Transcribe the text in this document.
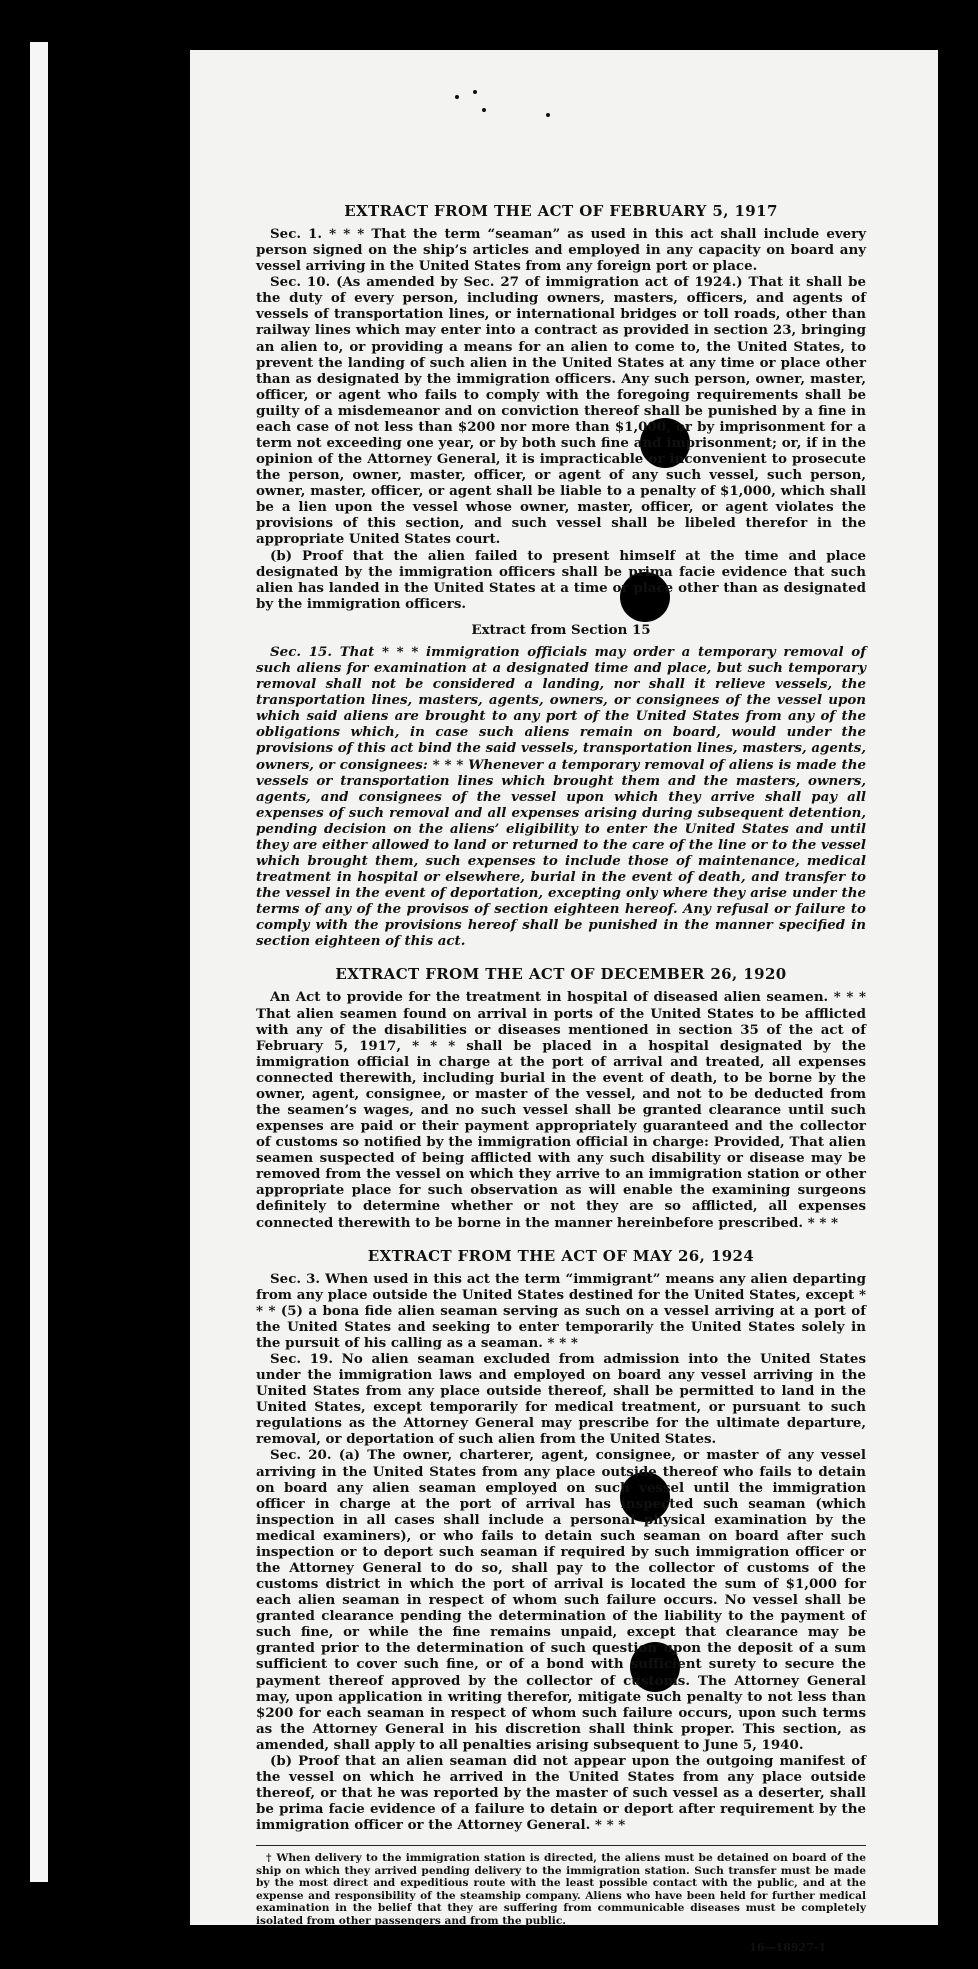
EXTRACT FROM THE ACT OF FEBRUARY 5, 1917

Sec. 1. * * * That the term “seaman” as used in this act shall include every person signed on the ship’s articles and employed in any capacity on board any vessel arriving in the United States from any foreign port or place.

Sec. 10. (As amended by Sec. 27 of immigration act of 1924.) That it shall be the duty of every person, including owners, masters, officers, and agents of vessels of transportation lines, or international bridges or toll roads, other than railway lines which may enter into a contract as provided in section 23, bringing an alien to, or providing a means for an alien to come to, the United States, to prevent the landing of such alien in the United States at any time or place other than as designated by the immigration officers. Any such person, owner, master, officer, or agent who fails to comply with the foregoing requirements shall be guilty of a misdemeanor and on conviction thereof shall be punished by a fine in each case of not less than $200 nor more than $1,000, or by imprisonment for a term not exceeding one year, or by both such fine and imprisonment; or, if in the opinion of the Attorney General, it is impracticable or inconvenient to prosecute the person, owner, master, officer, or agent of any such vessel, such person, owner, master, officer, or agent shall be liable to a penalty of $1,000, which shall be a lien upon the vessel whose owner, master, officer, or agent violates the provisions of this section, and such vessel shall be libeled therefor in the appropriate United States court.

(b) Proof that the alien failed to present himself at the time and place designated by the immigration officers shall be prima facie evidence that such alien has landed in the United States at a time or place other than as designated by the immigration officers.

Extract from Section 15

Sec. 15. That * * * immigration officials may order a temporary removal of such aliens for examination at a designated time and place, but such temporary removal shall not be considered a landing, nor shall it relieve vessels, the transportation lines, masters, agents, owners, or consignees of the vessel upon which said aliens are brought to any port of the United States from any of the obligations which, in case such aliens remain on board, would under the provisions of this act bind the said vessels, transportation lines, masters, agents, owners, or consignees: * * * Whenever a temporary removal of aliens is made the vessels or transportation lines which brought them and the masters, owners, agents, and consignees of the vessel upon which they arrive shall pay all expenses of such removal and all expenses arising during subsequent detention, pending decision on the aliens’ eligibility to enter the United States and until they are either allowed to land or returned to the care of the line or to the vessel which brought them, such expenses to include those of maintenance, medical treatment in hospital or elsewhere, burial in the event of death, and transfer to the vessel in the event of deportation, excepting only where they arise under the terms of any of the provisos of section eighteen hereof. Any refusal or failure to comply with the provisions hereof shall be punished in the manner specified in section eighteen of this act.

EXTRACT FROM THE ACT OF DECEMBER 26, 1920

An Act to provide for the treatment in hospital of diseased alien seamen. * * * That alien seamen found on arrival in ports of the United States to be afflicted with any of the disabilities or diseases mentioned in section 35 of the act of February 5, 1917, * * * shall be placed in a hospital designated by the immigration official in charge at the port of arrival and treated, all expenses connected therewith, including burial in the event of death, to be borne by the owner, agent, consignee, or master of the vessel, and not to be deducted from the seamen’s wages, and no such vessel shall be granted clearance until such expenses are paid or their payment appropriately guaranteed and the collector of customs so notified by the immigration official in charge: Provided, That alien seamen suspected of being afflicted with any such disability or disease may be removed from the vessel on which they arrive to an immigration station or other appropriate place for such observation as will enable the examining surgeons definitely to determine whether or not they are so afflicted, all expenses connected therewith to be borne in the manner hereinbefore prescribed. * * *

EXTRACT FROM THE ACT OF MAY 26, 1924

Sec. 3. When used in this act the term “immigrant” means any alien departing from any place outside the United States destined for the United States, except * * * (5) a bona fide alien seaman serving as such on a vessel arriving at a port of the United States and seeking to enter temporarily the United States solely in the pursuit of his calling as a seaman. * * *

Sec. 19. No alien seaman excluded from admission into the United States under the immigration laws and employed on board any vessel arriving in the United States from any place outside thereof, shall be permitted to land in the United States, except temporarily for medical treatment, or pursuant to such regulations as the Attorney General may prescribe for the ultimate departure, removal, or deportation of such alien from the United States.

Sec. 20. (a) The owner, charterer, agent, consignee, or master of any vessel arriving in the United States from any place outside thereof who fails to detain on board any alien seaman employed on such vessel until the immigration officer in charge at the port of arrival has inspected such seaman (which inspection in all cases shall include a personal physical examination by the medical examiners), or who fails to detain such seaman on board after such inspection or to deport such seaman if required by such immigration officer or the Attorney General to do so, shall pay to the collector of customs of the customs district in which the port of arrival is located the sum of $1,000 for each alien seaman in respect of whom such failure occurs. No vessel shall be granted clearance pending the determination of the liability to the payment of such fine, or while the fine remains unpaid, except that clearance may be granted prior to the determination of such question upon the deposit of a sum sufficient to cover such fine, or of a bond with sufficient surety to secure the payment thereof approved by the collector of customs. The Attorney General may, upon application in writing therefor, mitigate such penalty to not less than $200 for each seaman in respect of whom such failure occurs, upon such terms as the Attorney General in his discretion shall think proper. This section, as amended, shall apply to all penalties arising subsequent to June 5, 1940.

(b) Proof that an alien seaman did not appear upon the outgoing manifest of the vessel on which he arrived in the United States from any place outside thereof, or that he was reported by the master of such vessel as a deserter, shall be prima facie evidence of a failure to detain or deport after requirement by the immigration officer or the Attorney General. * * *

† When delivery to the immigration station is directed, the aliens must be detained on board of the ship on which they arrived pending delivery to the immigration station. Such transfer must be made by the most direct and expeditious route with the least possible contact with the public, and at the expense and responsibility of the steamship company. Aliens who have been held for further medical examination in the belief that they are suffering from communicable diseases must be completely isolated from other passengers and from the public.
16—18927-1
